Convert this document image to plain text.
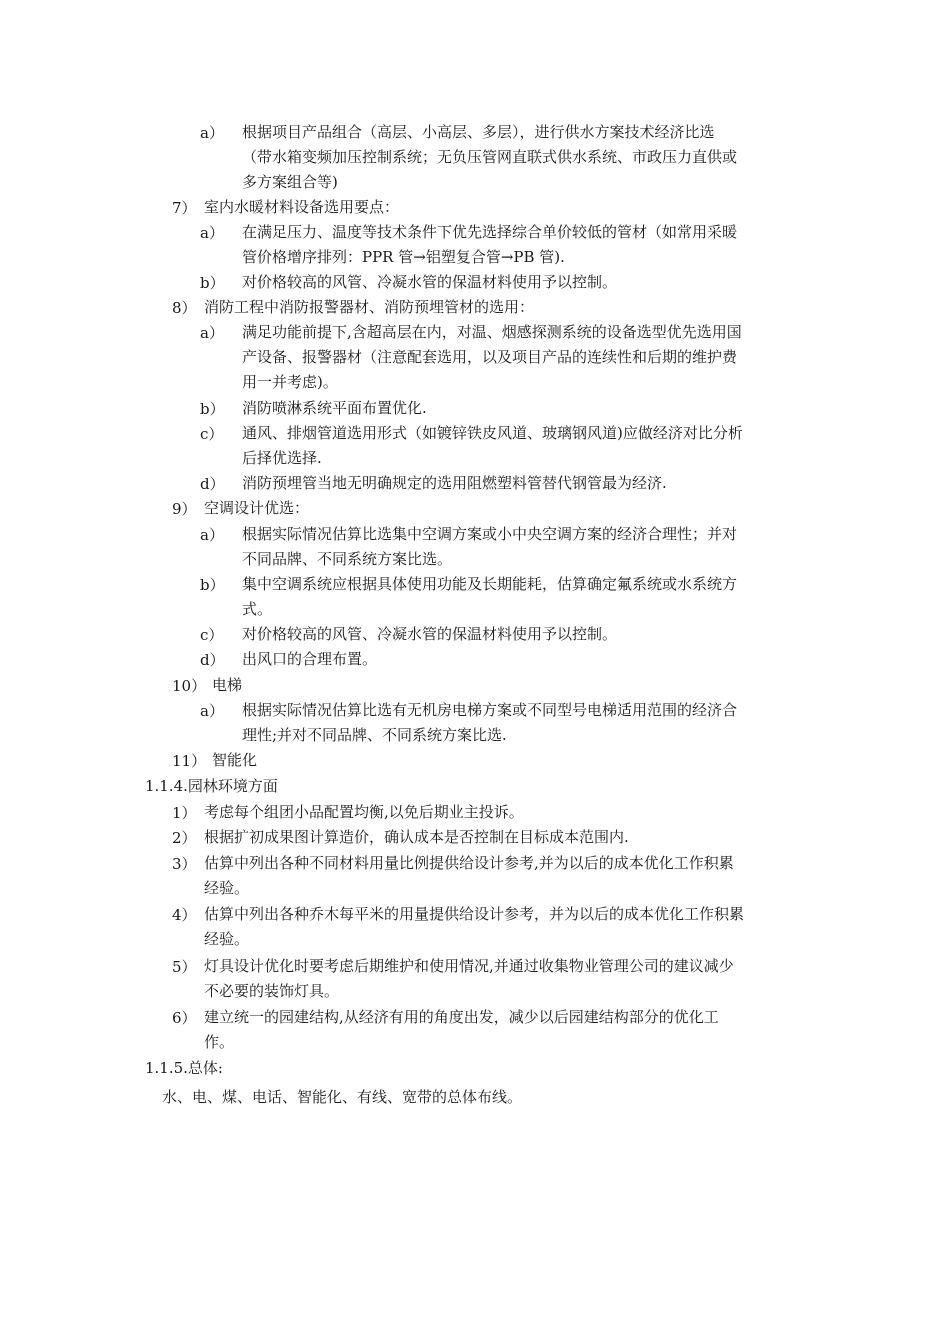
a） 根据项目产品组合（高层、小高层、多层），进行供水方案技术经济比选
（带水箱变频加压控制系统；无负压管网直联式供水系统、市政压力直供或
多方案组合等)
7） 室内水暖材料设备选用要点：
a） 在满足压力、温度等技术条件下优先选择综合单价较低的管材（如常用采暖
管价格增序排列：PPR 管→铝塑复合管→PB 管).
b） 对价格较高的风管、冷凝水管的保温材料使用予以控制。
8） 消防工程中消防报警器材、消防预埋管材的选用：
a） 满足功能前提下,含超高层在内，对温、烟感探测系统的设备选型优先选用国
产设备、报警器材（注意配套选用，以及项目产品的连续性和后期的维护费
用一并考虑)。
b） 消防喷淋系统平面布置优化.
c） 通风、排烟管道选用形式（如镀锌铁皮风道、玻璃钢风道)应做经济对比分析
后择优选择.
d） 消防预埋管当地无明确规定的选用阻燃塑料管替代钢管最为经济.
9） 空调设计优选：
a） 根据实际情况估算比选集中空调方案或小中央空调方案的经济合理性；并对
不同品牌、不同系统方案比选。
b） 集中空调系统应根据具体使用功能及长期能耗，估算确定氟系统或水系统方
式。
c） 对价格较高的风管、冷凝水管的保温材料使用予以控制。
d） 出风口的合理布置。
10） 电梯
a） 根据实际情况估算比选有无机房电梯方案或不同型号电梯适用范围的经济合
理性;并对不同品牌、不同系统方案比选.
11） 智能化
1.1.4.园林环境方面
1） 考虑每个组团小品配置均衡,以免后期业主投诉。
2） 根据扩初成果图计算造价，确认成本是否控制在目标成本范围内.
3） 估算中列出各种不同材料用量比例提供给设计参考,并为以后的成本优化工作积累
经验。
4） 估算中列出各种乔木每平米的用量提供给设计参考，并为以后的成本优化工作积累
经验。
5） 灯具设计优化时要考虑后期维护和使用情况,并通过收集物业管理公司的建议减少
不必要的装饰灯具。
6） 建立统一的园建结构,从经济有用的角度出发，减少以后园建结构部分的优化工
作。
1.1.5.总体:
水、电、煤、电话、智能化、有线、宽带的总体布线。
